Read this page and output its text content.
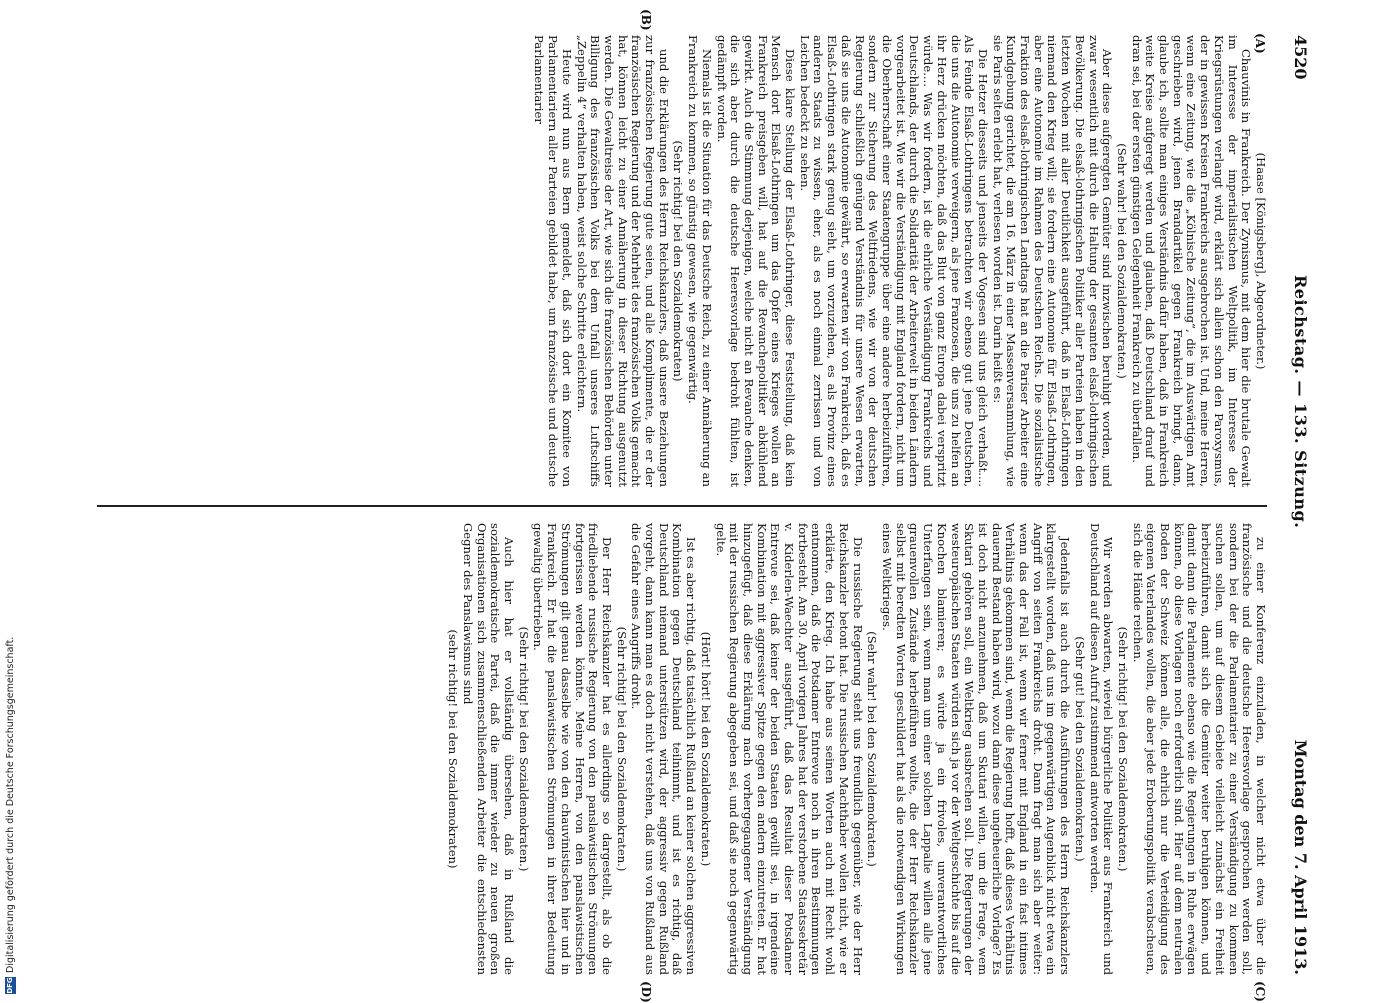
4520
Reichstag. — 133. Sitzung.
Montag den 7. April 1913.
(A)
(B)
(C)
(D)

(Haase [Königsberg], Abgeordneter.)

Chauvinis in Frankreich. Der Zynismus, mit dem hier die brutale Gewalt im Interesse der imperialistischen Weltpolitik, im Interesse der Kriegsrüstungen verlangt wird, erklärt sich allein schon den Paroxysmus, der in gewissen Kreisen Frankreichs ausgebrochen ist. Und, meine Herren, wenn eine Zeitung, wie die „Kölnische Zeitung“, die im Auswärtigen Amt geschrieben wird, jenen Brandartikel gegen Frankreich bringt, dann, glaube ich, sollte man einiges Verständnis dafür haben, daß in Frankreich weite Kreise aufgeregt werden und glauben, daß Deutschland drauf und dran sei, bei der ersten günstigen Gelegenheit Frankreich zu überfallen.

(Sehr wahr! bei den Sozialdemokraten.)

Aber diese aufgeregten Gemüter sind inzwischen beruhigt worden, und zwar wesentlich mit durch die Haltung der gesamten elsaß-lothringischen Bevölkerung. Die elsaß-lothringischen Politiker aller Parteien haben in den letzten Wochen mit aller Deutlichkeit ausgeführt, daß in Elsaß-Lothringen niemand den Krieg will; sie fordern eine Autonomie für Elsaß-Lothringen, aber eine Autonomie im Rahmen des Deutschen Reichs. Die sozialistische Fraktion des elsaß-lothringischen Landtags hat an die Pariser Arbeiter eine Kundgebung gerichtet, die am 16. März in einer Massenversammlung, wie sie Paris selten erlebt hat, verlesen worden ist. Darin heißt es:

Die Hetzer diesseits und jenseits der Vogesen sind uns gleich verhaßt.... Als Feinde Elsaß-Lothringens betrachten wir ebenso gut jene Deutschen, die uns die Autonomie verweigern, als jene Franzosen, die uns zu helfen an ihr Herz drücken möchten, daß das Blut von ganz Europa dabei verspritzt würde.... Was wir fordern, ist die ehrliche Verständigung Frankreichs und Deutschlands, der durch die Solidarität der Arbeiterwelt in beiden Ländern vorgearbeitet ist. Wie wir die Verständigung mit England fordern, nicht um die Oberherrschaft einer Staatengruppe über eine andere herbeizuführen, sondern zur Sicherung des Weltfriedens, wie wir von der deutschen Regierung schließlich genügend Verständnis für unsere Wesen erwarten, daß sie uns die Autonomie gewährt, so erwarten wir von Frankreich, daß es Elsaß-Lothringen stark genug sieht, um vorzuziehen, es als Provinz eines anderen Staats zu wissen, eher, als es noch einmal zerrissen und von Leichen bedeckt zu sehen.

Diese klare Stellung der Elsaß-Lothringer, diese Feststellung, daß kein Mensch dort Elsaß-Lothringen um das Opfer eines Krieges wollen an Frankreich preisgeben will, hat auf die Revanchepolitiker abkühlend gewirkt. Auch die Stimmung derjenigen, welche nicht an Revanche denken, die sich aber durch die deutsche Heeresvorlage bedroht fühlten, ist gedämpft worden.

Niemals ist die Situation für das Deutsche Reich, zu einer Annäherung an Frankreich zu kommen, so günstig gewesen, wie gegenwärtig.

(Sehr richtig! bei den Sozialdemokraten)

und die Erklärungen des Herrn Reichskanzlers, daß unsere Beziehungen zur französischen Regierung gute seien, und alle Komplimente, die er der französischen Regierung und der Mehrheit des französischen Volks gemacht hat, können leicht zu einer Annäherung in dieser Richtung ausgenutzt werden. Die Gewaltreise der Art, wie sich die französischen Behörden unter Billigung des französischen Volks bei dem Unfall unseres Luftschiffs „Zeppelin 4“ verhalten haben, weist solche Schritte erleichtern.

Heute wird nun aus Bern gemeldet, daß sich dort ein Komitee von Parlamentariern aller Parteien gebildet habe, um französische und deutsche Parlamentarier

zu einer Konferenz einzuladen, in welcher nicht etwa über die französische und die deutsche Heeresvorlage gesprochen werden soll, sondern bei der die Parlamentarier zu einer Verständigung zu kommen suchen sollen, um auf diesem Gebiete vielleicht zunächst ein Freiheit herbeizuführen, damit sich die Gemüter weiter beruhigen können, und damit dann die Parlamente ebenso wie die Regierungen in Ruhe erwägen können, ob diese Vorlagen noch erforderlich sind. Hier auf dem neutralen Boden der Schweiz können alle, die ehrlich nur die Verteidigung des eigenen Vaterlandes wollen, die aber jede Eroberungspolitik verabscheuen, sich die Hände reichen.

(Sehr richtig! bei den Sozialdemokraten.)

Wir werden abwarten, wieviel bürgerliche Politiker aus Frankreich und Deutschland auf diesen Aufruf zustimmend antworten werden.

(Sehr gut! bei den Sozialdemokraten.)

Jedenfalls ist auch durch die Ausführungen des Herrn Reichskanzlers klargestellt worden, daß uns im gegenwärtigen Augenblick nicht etwa ein Angriff von seiten Frankreichs droht. Dann fragt man sich aber weiter: wenn das der Fall ist, wenn wir ferner mit England in ein fast intimes Verhältnis gekommen sind, wenn die Regierung hofft, daß dieses Verhältnis dauernd Bestand haben wird, wozu dann diese ungeheuerliche Vorlage? Es ist doch nicht anzunehmen, daß um Skutari willen, um die Frage, wem Skutari gehören soll, ein Weltkrieg ausbrechen soll. Die Regierungen der westeuropäischen Staaten würden sich ja vor der Weltgeschichte bis auf die Knochen blamieren; es würde ja ein frivoles, unverantwortliches Unterfangen sein, wenn man um einer solchen Lappalie willen alle jene grauenvollen Zustände herbeiführen wollte, die der Herr Reichskanzler selbst mit beredten Worten geschildert hat als die notwendigen Wirkungen eines Weltkrieges.

(Sehr wahr! bei den Sozialdemokraten.)

Die russische Regierung steht uns freundlich gegenüber, wie der Herr Reichskanzler betont hat. Die russischen Machthaber wollen nicht, wie er erklärte, den Krieg. Ich habe aus seinen Worten auch mit Recht wohl entnommen, daß die Potsdamer Entrevue noch in ihren Bestimmungen fortbesteht. Am 30. April vorigen Jahres hat der verstorbene Staatssekretär v. Kiderlen-Waechter ausgeführt, daß das Resultat dieser Potsdamer Entrevue sei, daß keiner der beiden Staaten gewillt sei, in irgendeine Kombination mit aggressiver Spitze gegen den andern einzutreten. Er hat hinzugefügt, daß diese Erklärung nach vorhergegangener Verständigung mit der russischen Regierung abgegeben sei, und daß sie noch gegenwärtig gelte.

(Hört! hört! bei den Sozialdemokraten.)

Ist es aber richtig, daß tatsächlich Rußland an keiner solchen aggressiven Kombination gegen Deutschland teilnimmt, und ist es richtig, daß Deutschland niemand unterstützen wird, der aggressiv gegen Rußland vorgeht, dann kann man es doch nicht verstehen, daß uns von Rußland aus die Gefahr eines Angriffs droht.

(Sehr richtig! bei den Sozialdemokraten.)

Der Herr Reichskanzler hat es allerdings so dargestellt, als ob die friedliebende russische Regierung von den panslawistischen Strömungen fortgerissen werden könnte. Meine Herren, von den panslawistischen Strömungen gilt genau dasselbe wie von den chauvinistischen hier und in Frankreich. Er hat die panslawistischen Strömungen in ihrer Bedeutung gewaltig übertrieben.

(Sehr richtig! bei den Sozialdemokraten.)

Auch hier hat er vollständig übersehen, daß in Rußland die sozialdemokratische Partei, daß die immer wieder zu neuen großen Organisationen sich zusammenschließenden Arbeiter die entschiedensten Gegner des Panslawismus sind

(sehr richtig! bei den Sozialdemokraten)

DFGDigitalisierung gefördert durch die Deutsche Forschungsgemeinschaft.
